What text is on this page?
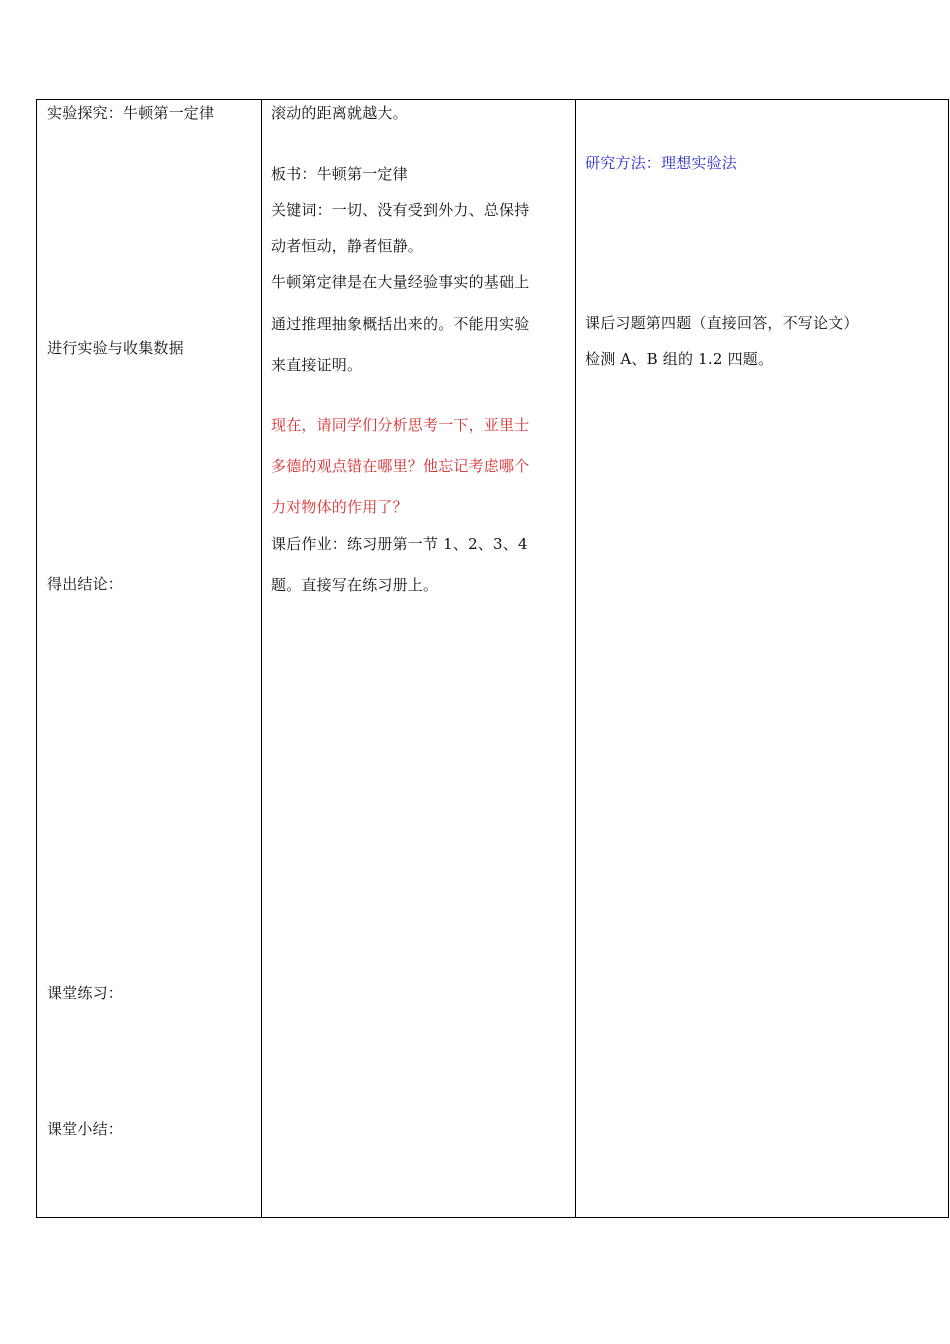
实验探究：牛顿第一定律
进行实验与收集数据
得出结论：
课堂练习：
课堂小结：
滚动的距离就越大。
板书：牛顿第一定律
关键词：一切、没有受到外力、总保持
动者恒动，静者恒静。
牛顿第定律是在大量经验事实的基础上
通过推理抽象概括出来的。不能用实验
来直接证明。
现在，请同学们分析思考一下，亚里士
多德的观点错在哪里？他忘记考虑哪个
力对物体的作用了？
课后作业：练习册第一节 1、2、3、4
题。直接写在练习册上。
研究方法：理想实验法
课后习题第四题（直接回答，不写论文）
检测 A、B 组的 1.2 四题。
